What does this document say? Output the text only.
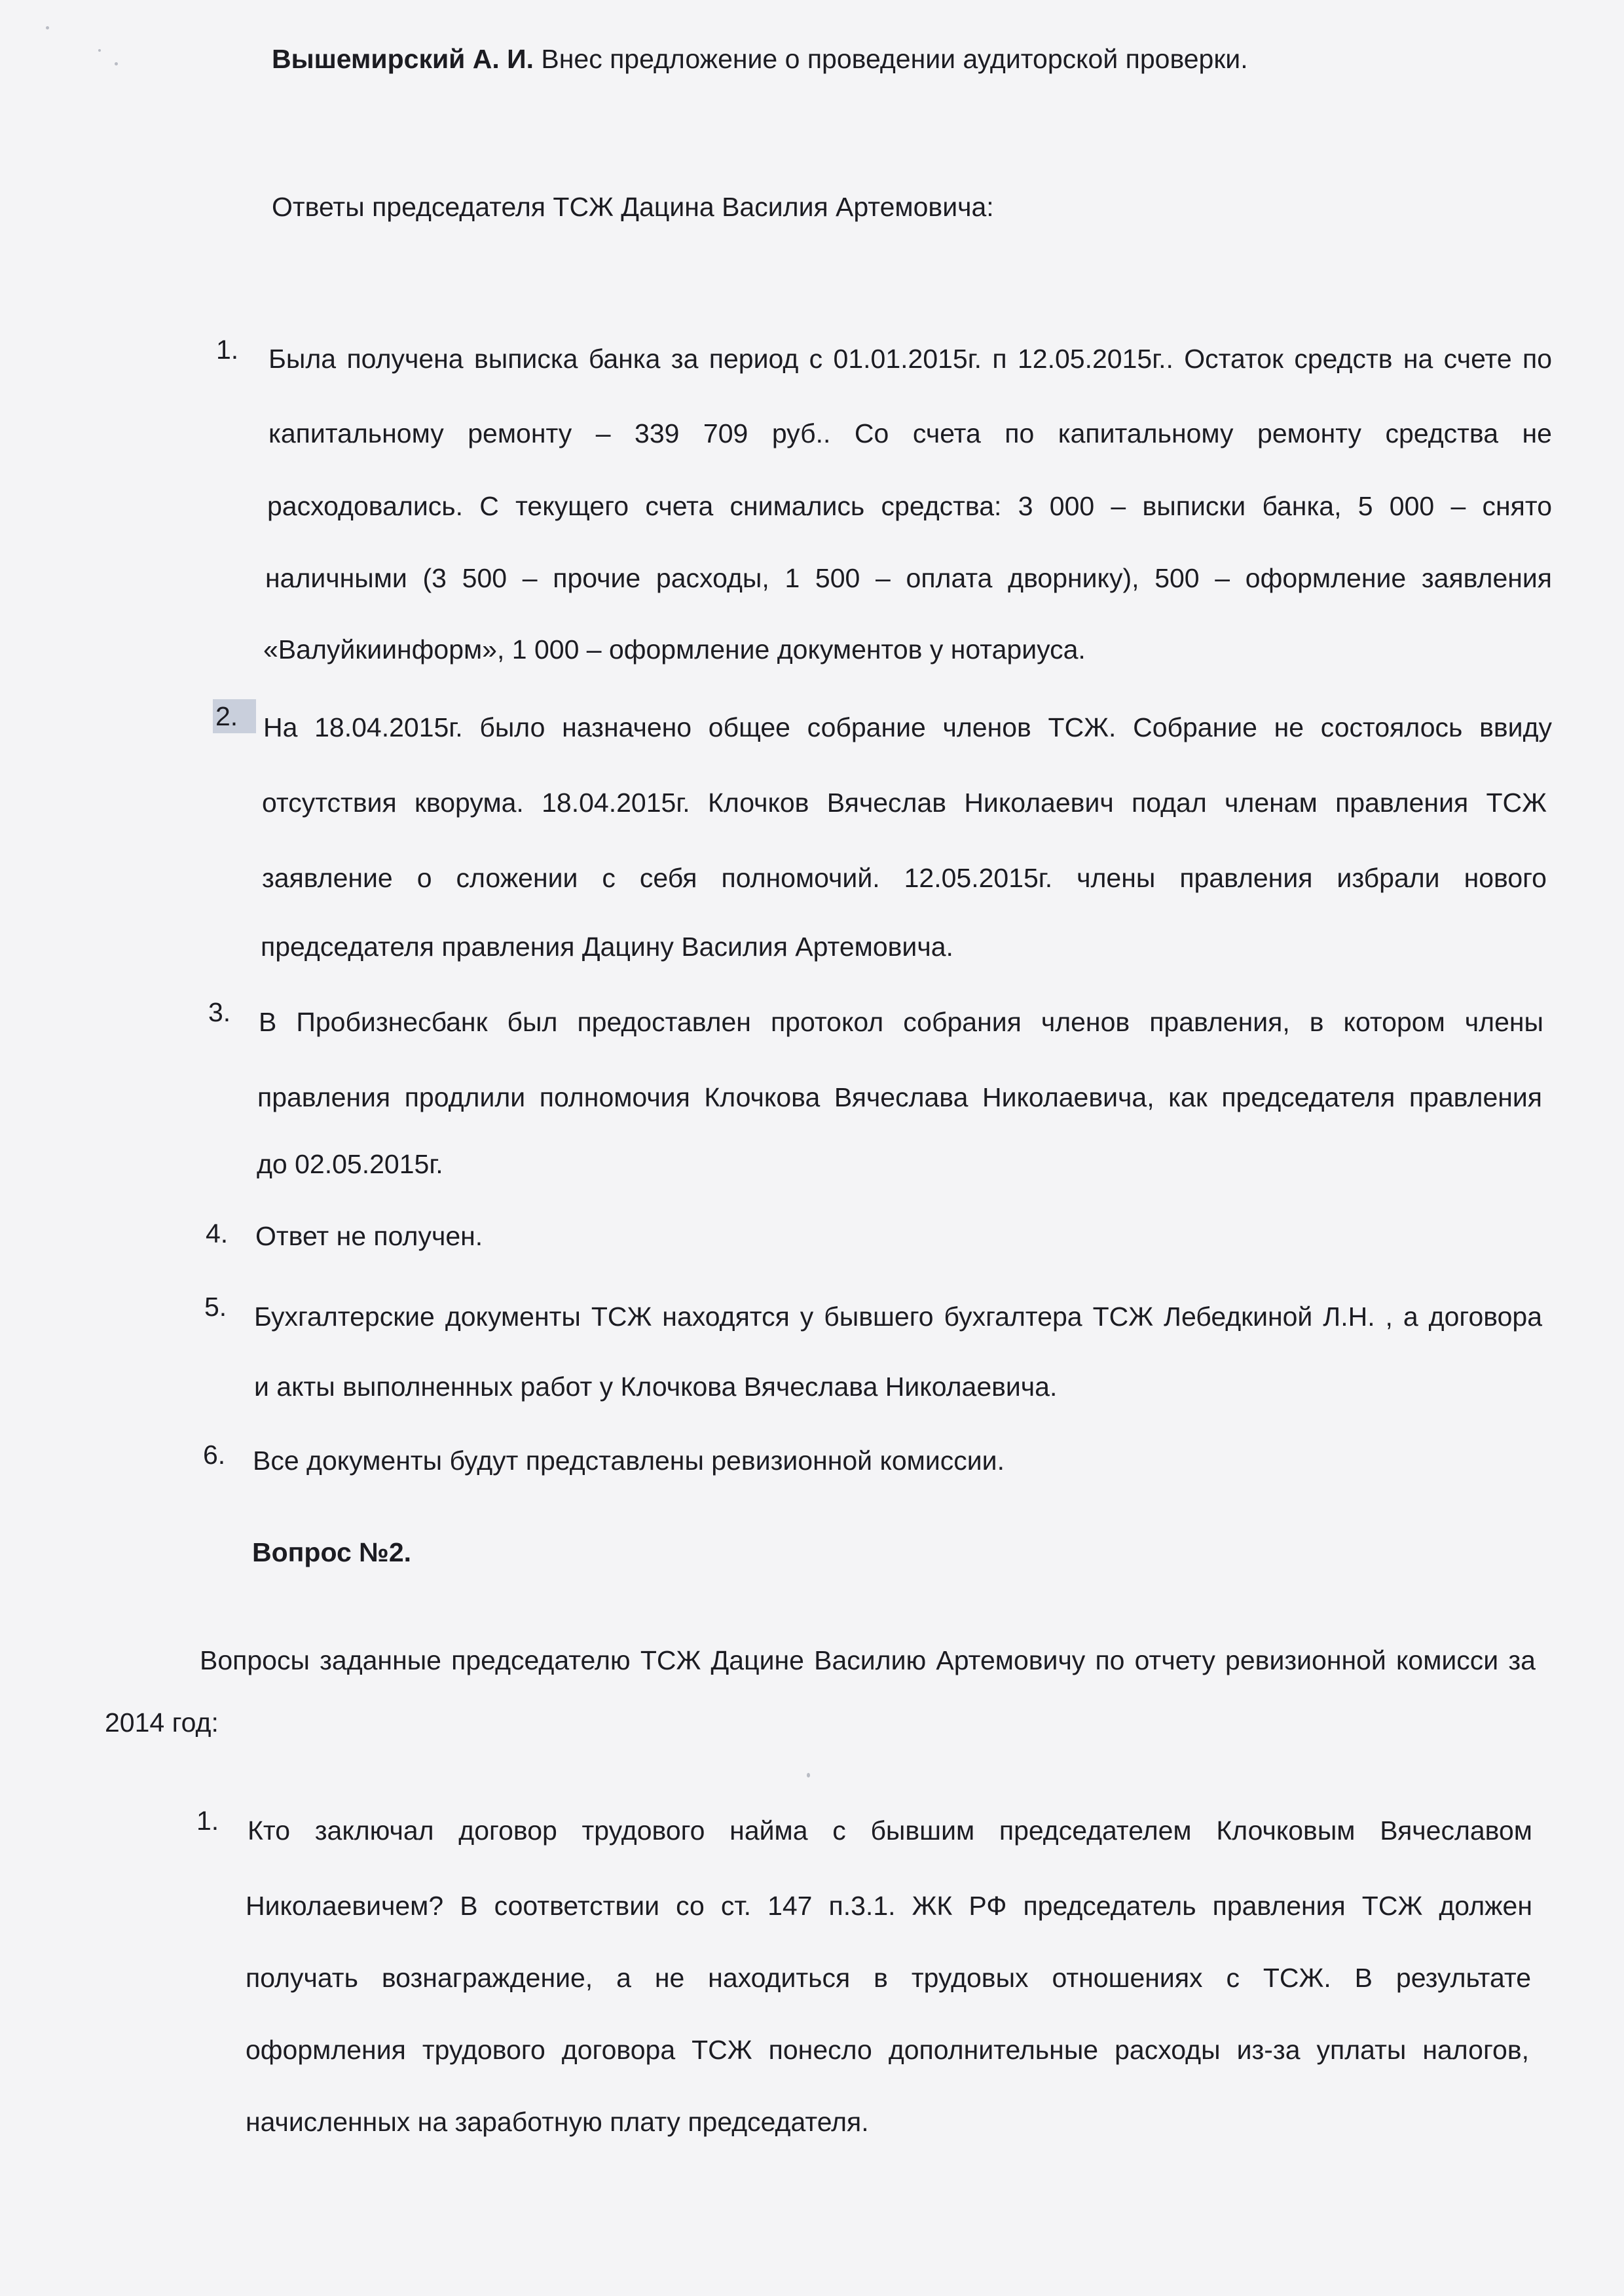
Вышемирский А. И. Внес предложение о проведении аудиторской проверки.
Ответы председателя ТСЖ Дацина Василия Артемовича:
1. Была получена выписка банка за период с 01.01.2015г. п 12.05.2015г.. Остаток средств на счете по
капитальному ремонту – 339 709 руб.. Со счета по капитальному ремонту средства не
расходовались. С текущего счета снимались средства: 3 000 – выписки банка, 5 000 – снято
наличными (3 500 – прочие расходы, 1 500 – оплата дворнику), 500 – оформление заявления
«Валуйкиинформ», 1 000 – оформление документов у нотариуса.
2. На 18.04.2015г. было назначено общее собрание членов ТСЖ. Собрание не состоялось ввиду
отсутствия кворума. 18.04.2015г. Клочков Вячеслав Николаевич подал членам правления ТСЖ
заявление о сложении с себя полномочий. 12.05.2015г. члены правления избрали нового
председателя правления Дацину Василия Артемовича.
3. В Пробизнесбанк был предоставлен протокол собрания членов правления, в котором члены
правления продлили полномочия Клочкова Вячеслава Николаевича, как председателя правления
до 02.05.2015г.
4. Ответ не получен.
5. Бухгалтерские документы ТСЖ находятся у бывшего бухгалтера ТСЖ Лебедкиной Л.Н. , а договора
и акты выполненных работ у Клочкова Вячеслава Николаевича.
6. Все документы будут представлены ревизионной комиссии.
Вопрос №2.
Вопросы заданные председателю ТСЖ Дацине Василию Артемовичу по отчету ревизионной комисси за
2014 год:
1. Кто заключал договор трудового найма с бывшим председателем Клочковым Вячеславом
Николаевичем? В соответствии со ст. 147 п.3.1. ЖК РФ председатель правления ТСЖ должен
получать вознаграждение, а не находиться в трудовых отношениях с ТСЖ. В результате
оформления трудового договора ТСЖ понесло дополнительные расходы из-за уплаты налогов,
начисленных на заработную плату председателя.
